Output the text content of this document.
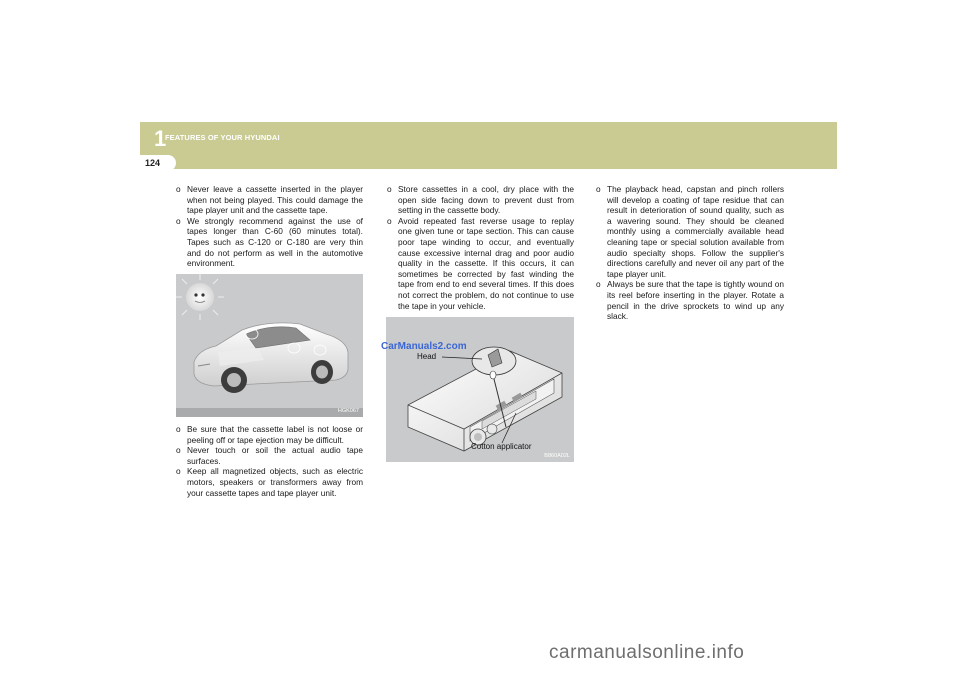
1
FEATURES OF YOUR HYUNDAI
124

o Never leave a cassette inserted in the player when not being played. This could damage the tape player unit and the cassette tape.

o We strongly recommend against the use of tapes longer than C-60 (60 minutes total). Tapes such as C-120 or C-180 are very thin and do not perform as well in the automotive environment.

HGK067

o Be sure that the cassette label is not loose or peeling off or tape ejection may be difficult.

o Never touch or soil the actual audio tape surfaces.

o Keep all magnetized objects, such as electric motors, speakers or transformers away from your cassette tapes and tape player unit.

o Store cassettes in a cool, dry place with the open side facing down to prevent dust from setting in the cassette body.

o Avoid repeated fast reverse usage to replay one given tune or tape section. This can cause poor tape winding to occur, and eventually cause excessive internal drag and poor audio quality in the cassette. If this occurs, it can sometimes be corrected by fast winding the tape from end to end several times. If this does not correct the problem, do not continue to use the tape in your vehicle.

Head
Cotton applicator
B860A02L
CarManuals2.com

o The playback head, capstan and pinch rollers will develop a coating of tape residue that can result in deterioration of sound quality, such as a wavering sound. They should be cleaned monthly using a commercially available head cleaning tape or special solution available from audio specialty shops. Follow the supplier's directions carefully and never oil any part of the tape player unit.

o Always be sure that the tape is tightly wound on its reel before inserting in the player. Rotate a pencil in the drive sprockets to wind up any slack.

carmanualsonline.info
